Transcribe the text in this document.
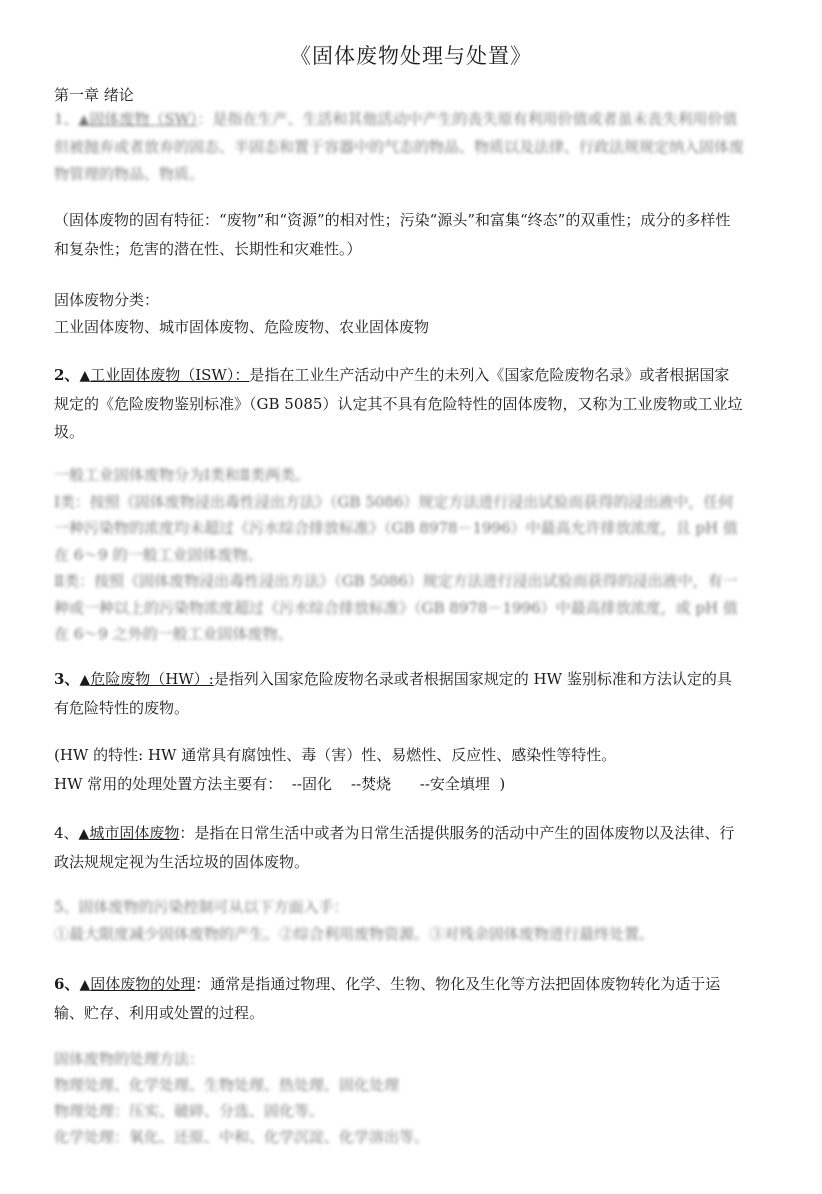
《固体废物处理与处置》
第一章 绪论
1、▲固体废物（SW）：是指在生产、生活和其他活动中产生的丧失原有利用价值或者虽未丧失利用价值但被抛弃或者放弃的固态、半固态和置于容器中的气态的物品、物质以及法律、行政法规规定纳入固体废物管理的物品、物质。
（固体废物的固有特征：“废物”和“资源”的相对性；污染“源头”和富集“终态”的双重性；成分的多样性和复杂性；危害的潜在性、长期性和灾难性。）
固体废物分类：
工业固体废物、城市固体废物、危险废物、农业固体废物
2、▲工业固体废物（ISW）：是指在工业生产活动中产生的未列入《国家危险废物名录》或者根据国家规定的《危险废物鉴别标准》（GB 5085）认定其不具有危险特性的固体废物，又称为工业废物或工业垃圾。
一般工业固体废物分为Ⅰ类和Ⅱ类两类。
Ⅰ类：按照《固体废物浸出毒性浸出方法》（GB 5086）规定方法进行浸出试验而获得的浸出液中，任何一种污染物的浓度均未超过《污水综合排放标准》（GB 8978－1996）中最高允许排放浓度，且 pH 值在 6～9 的一般工业固体废物。
Ⅱ类：按照《固体废物浸出毒性浸出方法》（GB 5086）规定方法进行浸出试验而获得的浸出液中，有一种或一种以上的污染物浓度超过《污水综合排放标准》（GB 8978－1996）中最高排放浓度，或 pH 值在 6～9 之外的一般工业固体废物。
3、▲危险废物（HW）:是指列入国家危险废物名录或者根据国家规定的 HW 鉴别标准和方法认定的具有危险特性的废物。
(HW 的特性: HW 通常具有腐蚀性、毒（害）性、易燃性、反应性、感染性等特性。
HW 常用的处理处置方法主要有：  --固化    --焚烧      --安全填埋  )
4、▲城市固体废物：是指在日常生活中或者为日常生活提供服务的活动中产生的固体废物以及法律、行政法规规定视为生活垃圾的固体废物。
5、固体废物的污染控制可从以下方面入手：
①最大限度减少固体废物的产生。②综合利用废物资源。③对残余固体废物进行最终处置。
6、▲固体废物的处理：通常是指通过物理、化学、生物、物化及生化等方法把固体废物转化为适于运输、贮存、利用或处置的过程。
固体废物的处理方法：
物理处理、化学处理、生物处理、热处理、固化处理
物理处理：压实、破碎、分选、固化等。
化学处理：氧化、还原、中和、化学沉淀、化学溶出等。
